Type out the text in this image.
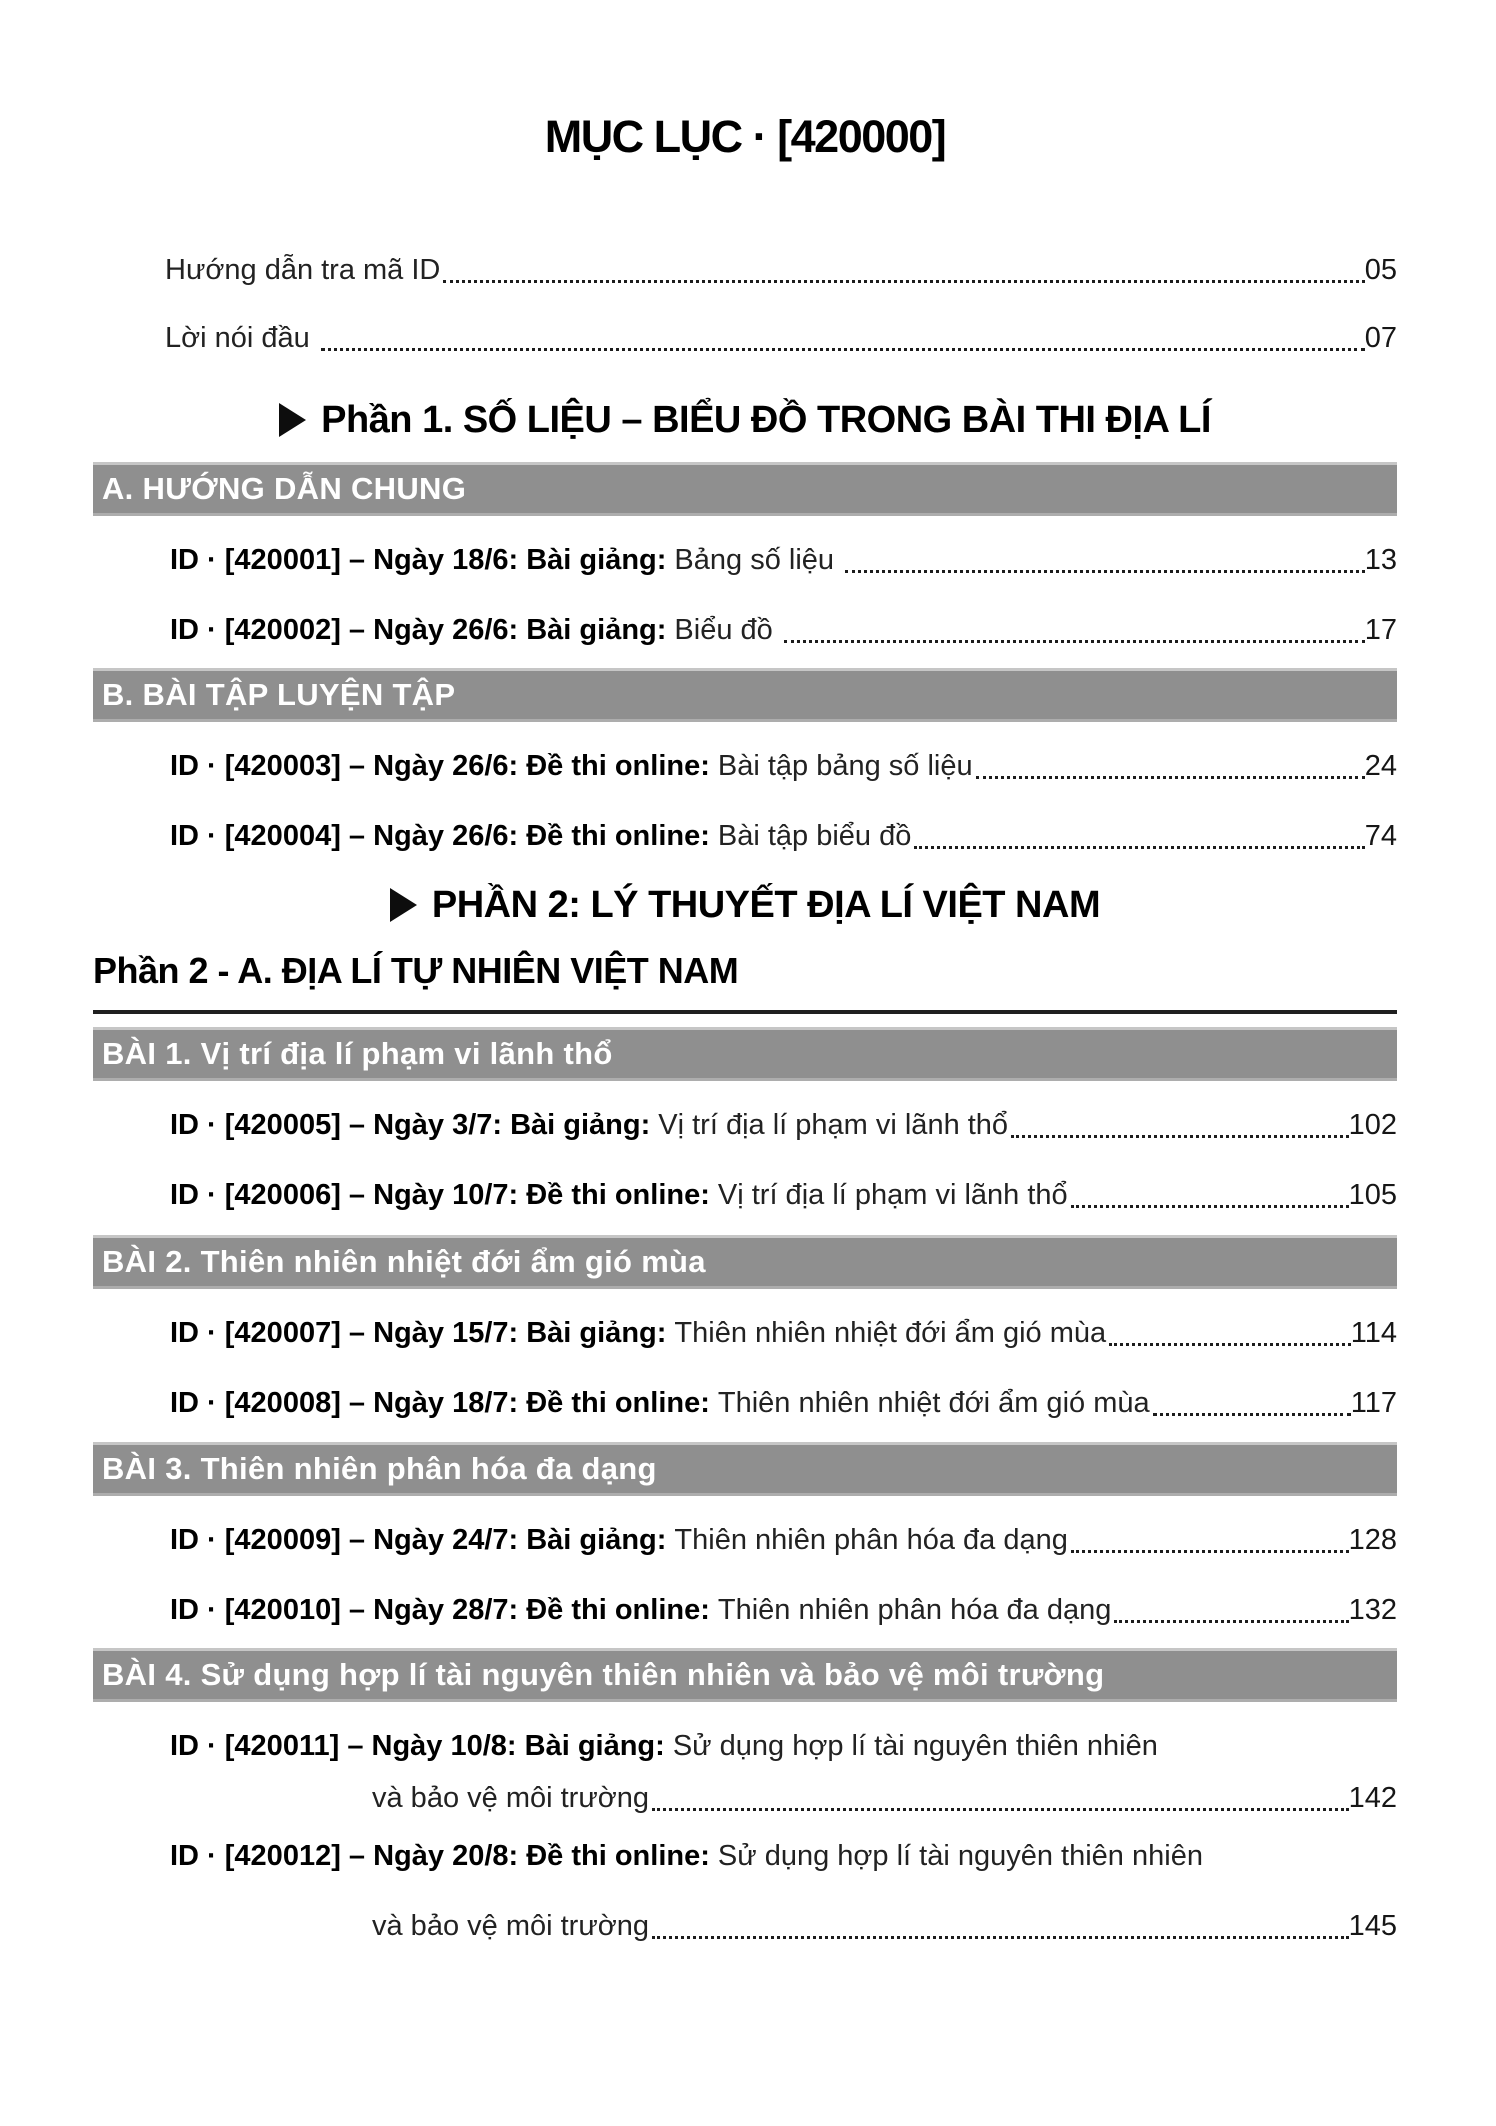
MỤC LỤC · [420000]
Hướng dẫn tra mã ID	05
Lời nói đầu	07
Phần 1. SỐ LIỆU – BIỂU ĐỒ TRONG BÀI THI ĐỊA LÍ
A. HƯỚNG DẪN CHUNG
ID · [420001] – Ngày 18/6: Bài giảng: Bảng số liệu	13
ID · [420002] – Ngày 26/6: Bài giảng: Biểu đồ	17
B. BÀI TẬP LUYỆN TẬP
ID · [420003] – Ngày 26/6: Đề thi online: Bài tập bảng số liệu	24
ID · [420004] – Ngày 26/6: Đề thi online: Bài tập biểu đồ	74
PHẦN 2: LÝ THUYẾT ĐỊA LÍ VIỆT NAM
Phần 2 - A. ĐỊA LÍ TỰ NHIÊN VIỆT NAM
BÀI 1. Vị trí địa lí phạm vi lãnh thổ
ID · [420005] – Ngày 3/7: Bài giảng: Vị trí địa lí phạm vi lãnh thổ	102
ID · [420006] – Ngày 10/7: Đề thi online: Vị trí địa lí phạm vi lãnh thổ	105
BÀI 2. Thiên nhiên nhiệt đới ẩm gió mùa
ID · [420007] – Ngày 15/7: Bài giảng: Thiên nhiên nhiệt đới ẩm gió mùa	114
ID · [420008] – Ngày 18/7: Đề thi online: Thiên nhiên nhiệt đới ẩm gió mùa	117
BÀI 3. Thiên nhiên phân hóa đa dạng
ID · [420009] – Ngày 24/7: Bài giảng: Thiên nhiên phân hóa đa dạng	128
ID · [420010] – Ngày 28/7: Đề thi online: Thiên nhiên phân hóa đa dạng	132
BÀI 4. Sử dụng hợp lí tài nguyên thiên nhiên và bảo vệ môi trường
ID · [420011] – Ngày 10/8: Bài giảng: Sử dụng hợp lí tài nguyên thiên nhiên
và bảo vệ môi trường	142
ID · [420012] – Ngày 20/8: Đề thi online: Sử dụng hợp lí tài nguyên thiên nhiên
và bảo vệ môi trường	145
